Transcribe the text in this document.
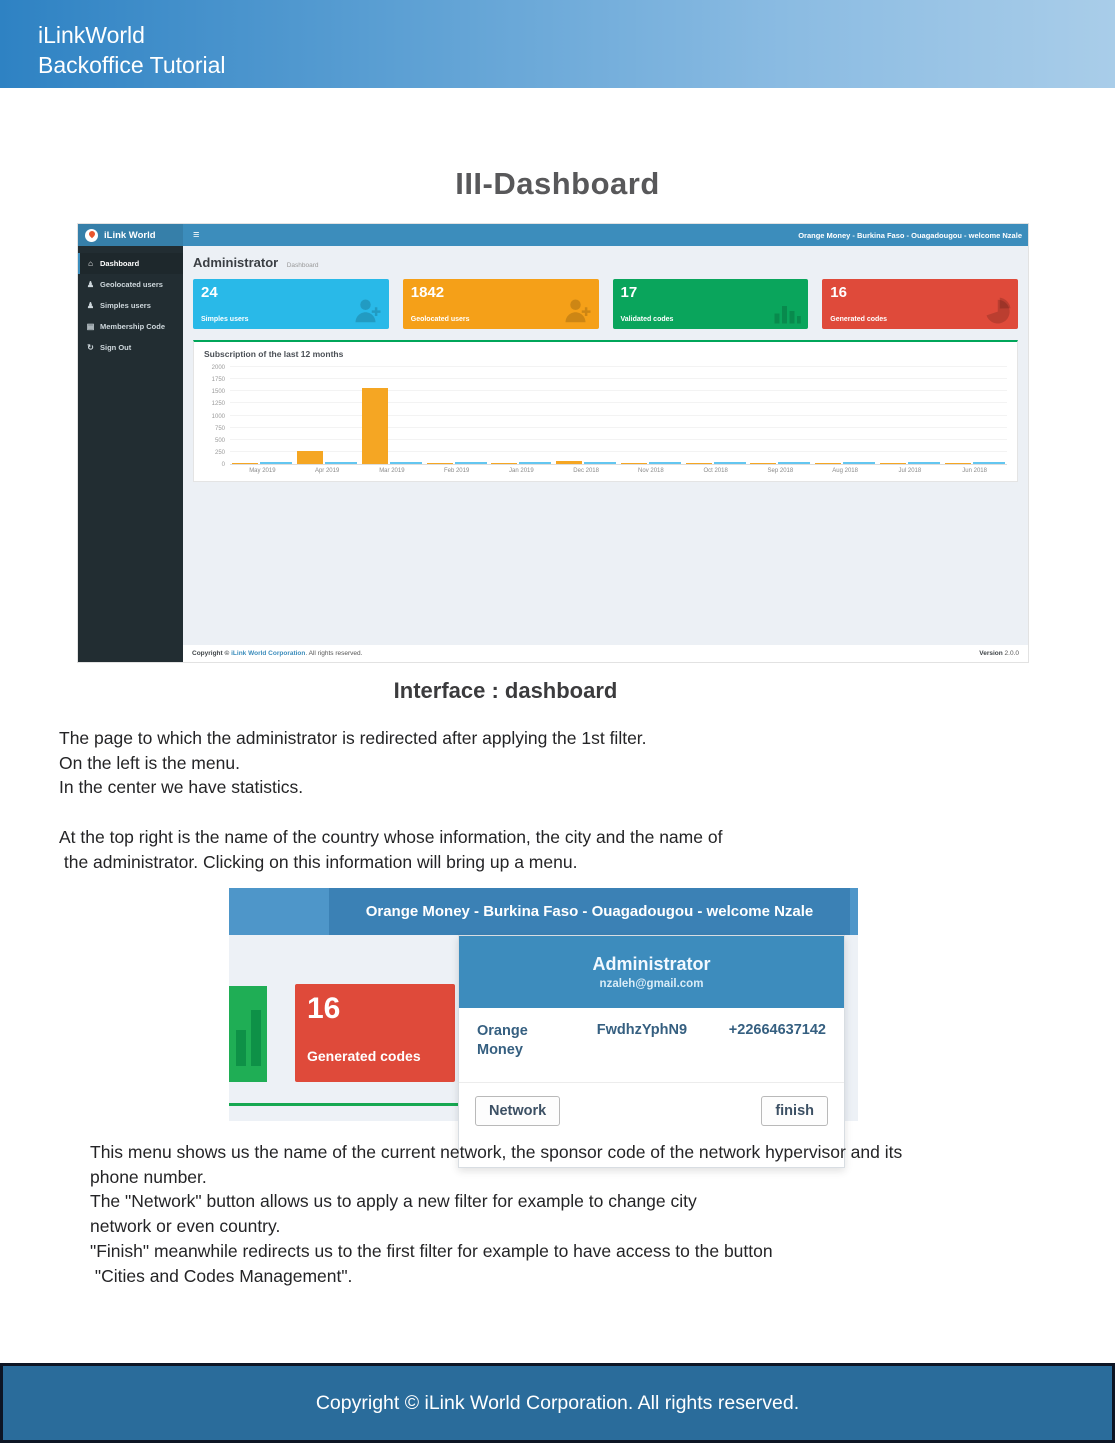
iLinkWorld
Backoffice Tutorial
III-Dashboard
iLink World	≡	Orange Money - Burkina Faso - Ouagadougou - welcome Nzale
⌂ Dashboard
♟ Geolocated users
♟ Simples users
▤ Membership Code
↻ Sign Out
Administrator Dashboard
24
Simples users
1842
Geolocated users
17
Validated codes
16
Generated codes
Subscription of the last 12 months
0
250
500
750
1000
1250
1500
1750
2000
May 2019	Apr 2019	Mar 2019	Feb 2019	Jan 2019	Dec 2018	Nov 2018	Oct 2018	Sep 2018	Aug 2018	Jul 2018	Jun 2018
Copyright © iLink World Corporation. All rights reserved.	Version 2.0.0
Interface : dashboard
The page to which the administrator is redirected after applying the 1st filter.
On the left is the menu.
In the center we have statistics.
At the top right is the name of the country whose information, the city and the name of
the administrator. Clicking on this information will bring up a menu.
Orange Money - Burkina Faso - Ouagadougou - welcome Nzale
16
Generated codes
Administrator
nzaleh@gmail.com
Orange Money
FwdhzYphN9	+22664637142
Network	finish
This menu shows us the name of the current network, the sponsor code of the network hypervisor and its
phone number.
The "Network" button allows us to apply a new filter for example to change city
network or even country.
"Finish" meanwhile redirects us to the first filter for example to have access to the button
"Cities and Codes Management".
Copyright © iLink World Corporation. All rights reserved.
